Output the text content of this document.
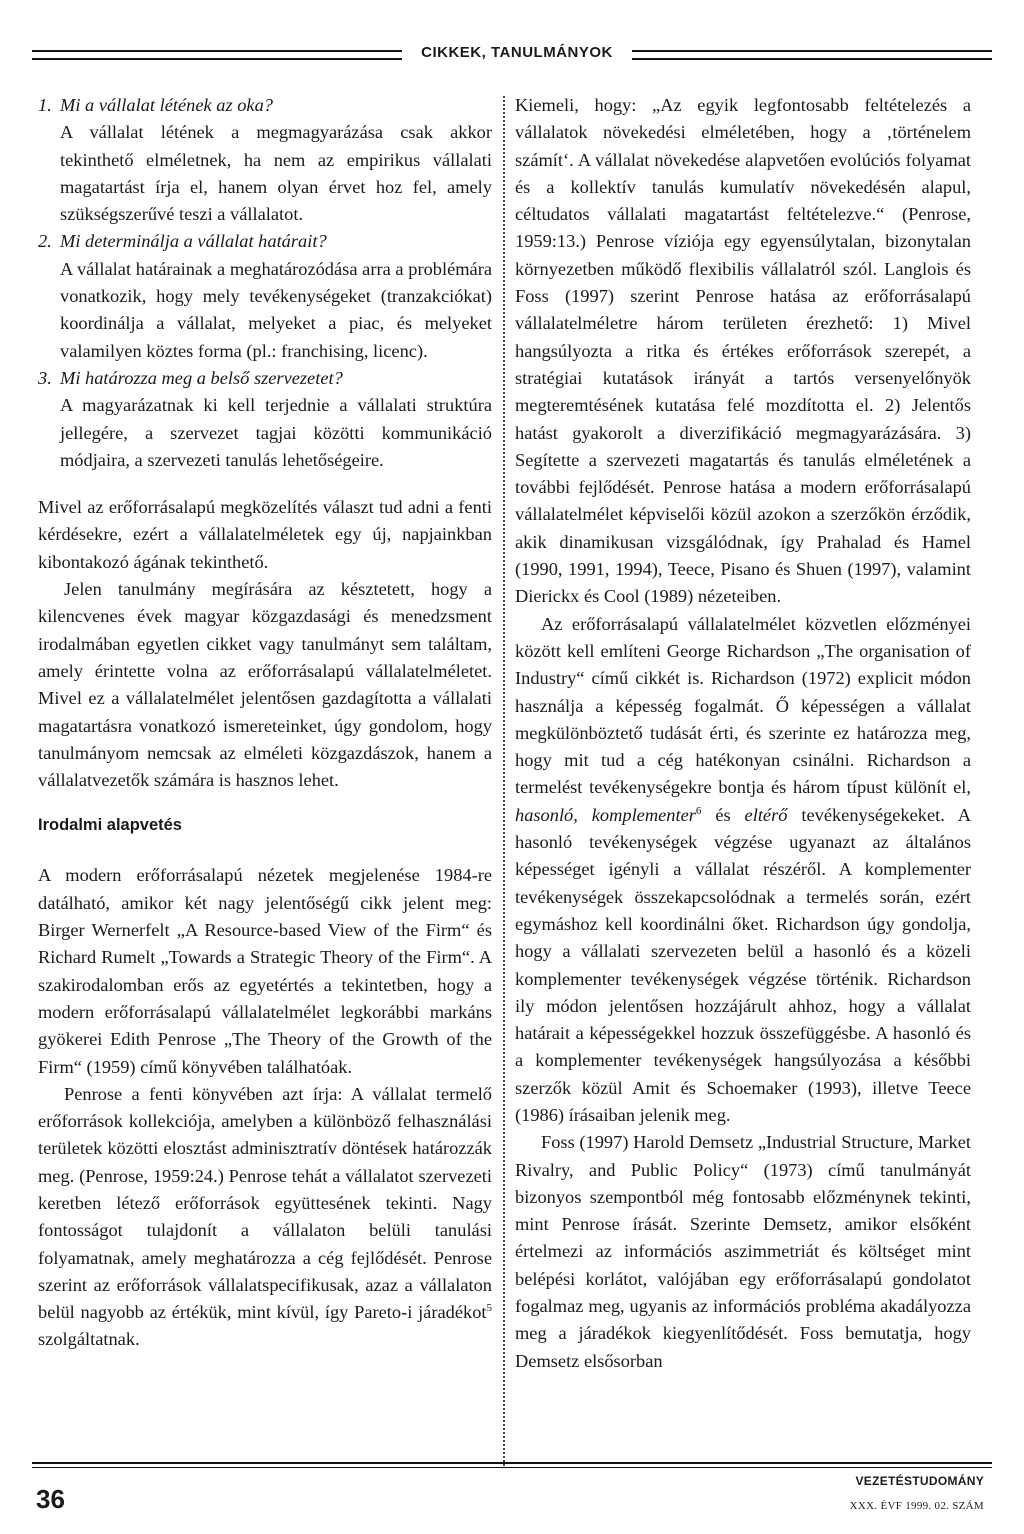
CIKKEK, TANULMÁNYOK
1. Mi a vállalat létének az oka?
A vállalat létének a megmagyarázása csak akkor tekinthető elméletnek, ha nem az empirikus vállalati magatartást írja el, hanem olyan érvet hoz fel, amely szükségszerűvé teszi a vállalatot.
2. Mi determinálja a vállalat határait?
A vállalat határainak a meghatározódása arra a problémára vonatkozik, hogy mely tevékenységeket (tranzakciókat) koordinálja a vállalat, melyeket a piac, és melyeket valamilyen köztes forma (pl.: franchising, licenc).
3. Mi határozza meg a belső szervezetet?
A magyarázatnak ki kell terjednie a vállalati struktúra jellegére, a szervezet tagjai közötti kommunikáció módjaira, a szervezeti tanulás lehetőségeire.

Mivel az erőforrásalapú megközelítés választ tud adni a fenti kérdésekre, ezért a vállalatelméletek egy új, napjainkban kibontakozó ágának tekinthető.

Jelen tanulmány megírására az késztetett, hogy a kilencvenes évek magyar közgazdasági és menedzsment irodalmában egyetlen cikket vagy tanulmányt sem találtam, amely érintette volna az erőforrásalapú vállalatelméletet. Mivel ez a vállalatelmélet jelentősen gazdagította a vállalati magatartásra vonatkozó ismereteinket, úgy gondolom, hogy tanulmányom nemcsak az elméleti közgazdászok, hanem a vállalatvezetők számára is hasznos lehet.

Irodalmi alapvetés

A modern erőforrásalapú nézetek megjelenése 1984-re datálható, amikor két nagy jelentőségű cikk jelent meg: Birger Wernerfelt „A Resource-based View of the Firm“ és Richard Rumelt „Towards a Strategic Theory of the Firm“. A szakirodalomban erős az egyetértés a tekintetben, hogy a modern erőforrásalapú vállalatelmélet legkorábbi markáns gyökerei Edith Penrose „The Theory of the Growth of the Firm“ (1959) című könyvében találhatóak.

Penrose a fenti könyvében azt írja: A vállalat termelő erőforrások kollekciója, amelyben a különböző felhasználási területek közötti elosztást adminisztratív döntések határozzák meg. (Penrose, 1959:24.) Penrose tehát a vállalatot szervezeti keretben létező erőforrások együttesének tekinti. Nagy fontosságot tulajdonít a vállalaton belüli tanulási folyamatnak, amely meghatározza a cég fejlődését. Penrose szerint az erőforrások vállalatspecifikusak, azaz a vállalaton belül nagyobb az értékük, mint kívül, így Pareto-i járadékot$^5$ szolgáltatnak.

Kiemeli, hogy: „Az egyik legfontosabb feltételezés a vállalatok növekedési elméletében, hogy a ‚történelem számít‘. A vállalat növekedése alapvetően evolúciós folyamat és a kollektív tanulás kumulatív növekedésén alapul, céltudatos vállalati magatartást feltételezve.“ (Penrose, 1959:13.) Penrose víziója egy egyensúlytalan, bizonytalan környezetben működő flexibilis vállalatról szól. Langlois és Foss (1997) szerint Penrose hatása az erőforrásalapú vállalatelméletre három területen érezhető: 1) Mivel hangsúlyozta a ritka és értékes erőforrások szerepét, a stratégiai kutatások irányát a tartós versenyelőnyök megteremtésének kutatása felé mozdította el. 2) Jelentős hatást gyakorolt a diverzifikáció megmagyarázására. 3) Segítette a szervezeti magatartás és tanulás elméletének a további fejlődését. Penrose hatása a modern erőforrásalapú vállalatelmélet képviselői közül azokon a szerzőkön érződik, akik dinamikusan vizsgálódnak, így Prahalad és Hamel (1990, 1991, 1994), Teece, Pisano és Shuen (1997), valamint Dierickx és Cool (1989) nézeteiben.

Az erőforrásalapú vállalatelmélet közvetlen előzményei között kell említeni George Richardson „The organisation of Industry“ című cikkét is. Richardson (1972) explicit módon használja a képesség fogalmát. Ő képességen a vállalat megkülönböztető tudását érti, és szerinte ez határozza meg, hogy mit tud a cég hatékonyan csinálni. Richardson a termelést tevékenységekre bontja és három típust különít el, hasonló, komplementer$^6$ és eltérő tevékenységekeket. A hasonló tevékenységek végzése ugyanazt az általános képességet igényli a vállalat részéről. A komplementer tevékenységek összekapcsolódnak a termelés során, ezért egymáshoz kell koordinálni őket. Richardson úgy gondolja, hogy a vállalati szervezeten belül a hasonló és a közeli komplementer tevékenységek végzése történik. Richardson ily módon jelentősen hozzájárult ahhoz, hogy a vállalat határait a képességekkel hozzuk összefüggésbe. A hasonló és a komplementer tevékenységek hangsúlyozása a későbbi szerzők közül Amit és Schoemaker (1993), illetve Teece (1986) írásaiban jelenik meg.

Foss (1997) Harold Demsetz „Industrial Structure, Market Rivalry, and Public Policy“ (1973) című tanulmányát bizonyos szempontból még fontosabb előzménynek tekinti, mint Penrose írását. Szerinte Demsetz, amikor elsőként értelmezi az információs aszimmetriát és költséget mint belépési korlátot, valójában egy erőforrásalapú gondolatot fogalmaz meg, ugyanis az információs probléma akadályozza meg a járadékok kiegyenlítődését. Foss bemutatja, hogy Demsetz elsősorban

VEZETÉSTUDOMÁNY
36	XXX. ÉVF 1999. 02. SZÁM
